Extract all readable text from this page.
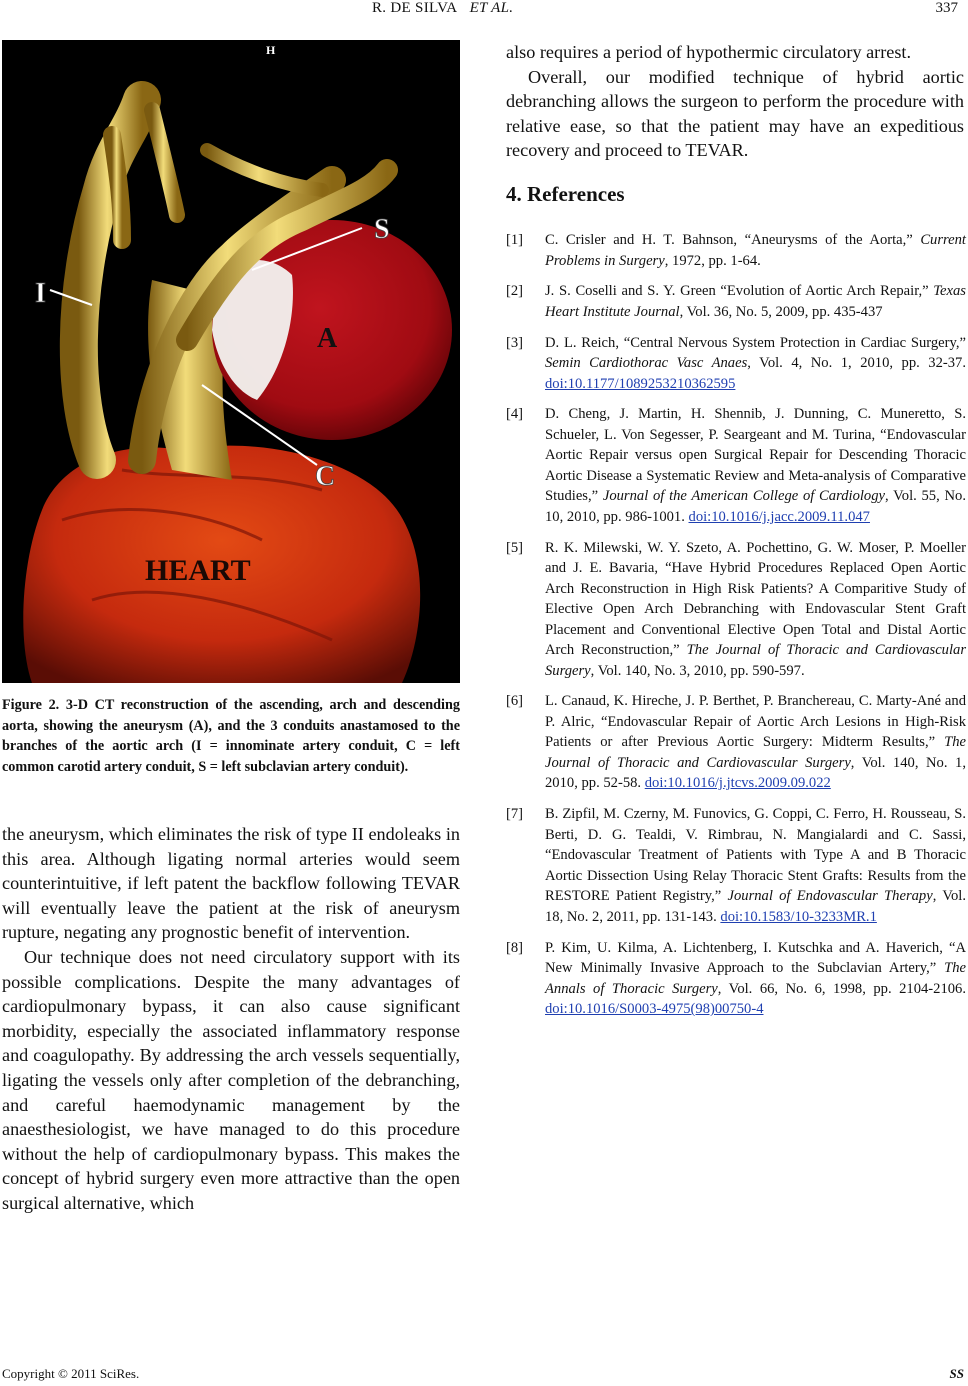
R. DE SILVA ET AL.	337
H
S
I
A
C
HEART
Figure 2. 3-D CT reconstruction of the ascending, arch and descending aorta, showing the aneurysm (A), and the 3 conduits anastamosed to the branches of the aortic arch (I = innominate artery conduit, C = left common carotid artery conduit, S = left subclavian artery conduit).

the aneurysm, which eliminates the risk of type II endoleaks in this area. Although ligating normal arteries would seem counterintuitive, if left patent the backflow following TEVAR will eventually leave the patient at the risk of aneurysm rupture, negating any prognostic benefit of intervention.

Our technique does not need circulatory support with its possible complications. Despite the many advantages of cardiopulmonary bypass, it can also cause significant morbidity, especially the associated inflammatory response and coagulopathy. By addressing the arch vessels sequentially, ligating the vessels only after completion of the debranching, and careful haemodynamic management by the anaesthesiologist, we have managed to do this procedure without the help of cardiopulmonary bypass. This makes the concept of hybrid surgery even more attractive than the open surgical alternative, which

also requires a period of hypothermic circulatory arrest.

Overall, our modified technique of hybrid aortic debranching allows the surgeon to perform the procedure with relative ease, so that the patient may have an expeditious recovery and proceed to TEVAR.

4. References
[1] C. Crisler and H. T. Bahnson, “Aneurysms of the Aorta,” Current Problems in Surgery, 1972, pp. 1-64.
[2] J. S. Coselli and S. Y. Green “Evolution of Aortic Arch Repair,” Texas Heart Institute Journal, Vol. 36, No. 5, 2009, pp. 435-437
[3] D. L. Reich, “Central Nervous System Protection in Cardiac Surgery,” Semin Cardiothorac Vasc Anaes, Vol. 4, No. 1, 2010, pp. 32-37. doi:10.1177/1089253210362595
[4] D. Cheng, J. Martin, H. Shennib, J. Dunning, C. Muneretto, S. Schueler, L. Von Segesser, P. Seargeant and M. Turina, “Endovascular Aortic Repair versus open Surgical Repair for Descending Thoracic Aortic Disease a Systematic Review and Meta-analysis of Comparative Studies,” Journal of the American College of Cardiology, Vol. 55, No. 10, 2010, pp. 986-1001. doi:10.1016/j.jacc.2009.11.047
[5] R. K. Milewski, W. Y. Szeto, A. Pochettino, G. W. Moser, P. Moeller and J. E. Bavaria, “Have Hybrid Procedures Replaced Open Aortic Arch Reconstruction in High Risk Patients? A Comparitive Study of Elective Open Arch Debranching with Endovascular Stent Graft Placement and Conventional Elective Open Total and Distal Aortic Arch Reconstruction,” The Journal of Thoracic and Cardiovascular Surgery, Vol. 140, No. 3, 2010, pp. 590-597.
[6] L. Canaud, K. Hireche, J. P. Berthet, P. Branchereau, C. Marty-Ané and P. Alric, “Endovascular Repair of Aortic Arch Lesions in High-Risk Patients or after Previous Aortic Surgery: Midterm Results,” The Journal of Thoracic and Cardiovascular Surgery, Vol. 140, No. 1, 2010, pp. 52-58. doi:10.1016/j.jtcvs.2009.09.022
[7] B. Zipfil, M. Czerny, M. Funovics, G. Coppi, C. Ferro, H. Rousseau, S. Berti, D. G. Tealdi, V. Rimbrau, N. Mangialardi and C. Sassi, “Endovascular Treatment of Patients with Type A and B Thoracic Aortic Dissection Using Relay Thoracic Stent Grafts: Results from the RESTORE Patient Registry,” Journal of Endovascular Therapy, Vol. 18, No. 2, 2011, pp. 131-143. doi:10.1583/10-3233MR.1
[8] P. Kim, U. Kilma, A. Lichtenberg, I. Kutschka and A. Haverich, “A New Minimally Invasive Approach to the Subclavian Artery,” The Annals of Thoracic Surgery, Vol. 66, No. 6, 1998, pp. 2104-2106. doi:10.1016/S0003-4975(98)00750-4
Copyright © 2011 SciRes.	SS
